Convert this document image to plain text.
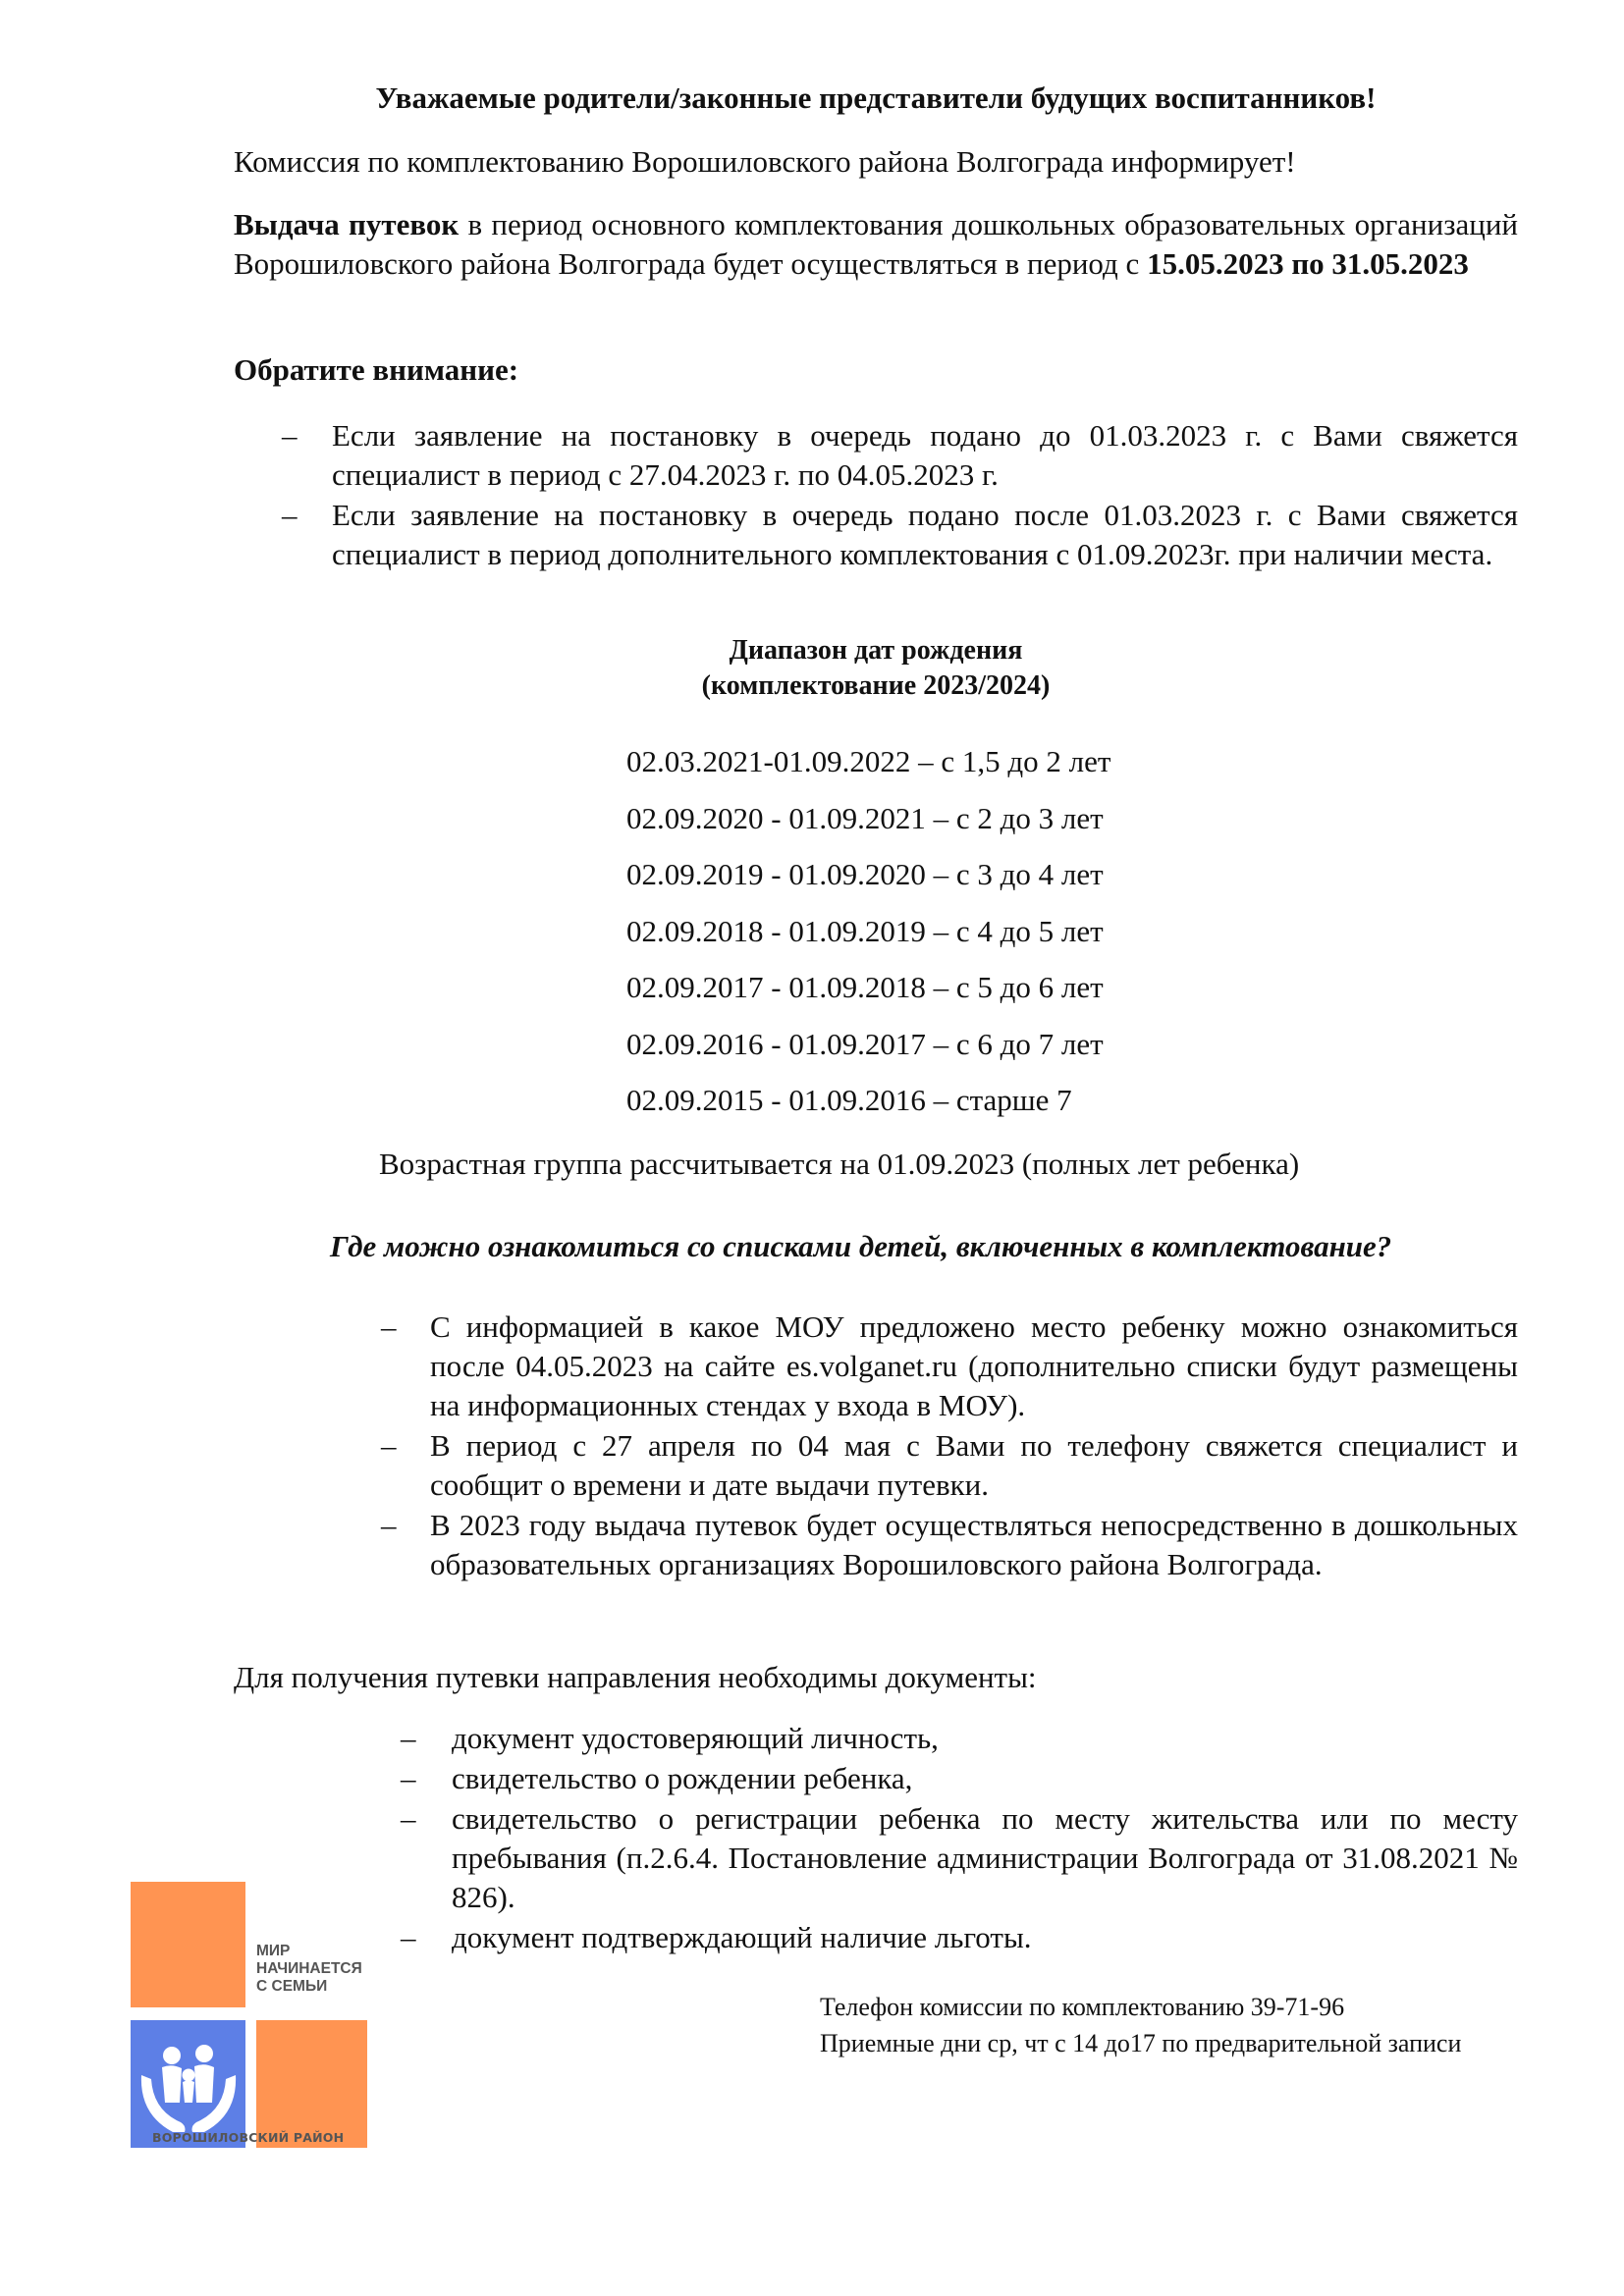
Уважаемые родители/законные представители будущих воспитанников!

Комиссия по комплектованию Ворошиловского района Волгограда информирует!

Выдача путевок в период основного комплектования дошкольных образовательных организаций Ворошиловского района Волгограда будет осуществляться в период с 15.05.2023 по 31.05.2023

Обратите внимание:

– Если заявление на постановку в очередь подано до 01.03.2023 г. с Вами свяжется специалист в период с 27.04.2023 г. по 04.05.2023 г.
– Если заявление на постановку в очередь подано после 01.03.2023 г. с Вами свяжется специалист в период дополнительного комплектования с 01.09.2023г. при наличии места.
Диапазон дат рождения
(комплектование 2023/2024)
02.03.2021-01.09.2022 – с 1,5 до 2 лет
02.09.2020 - 01.09.2021 – с 2 до 3 лет
02.09.2019 - 01.09.2020 – с 3 до 4 лет
02.09.2018 - 01.09.2019 – с 4 до 5 лет
02.09.2017 - 01.09.2018 – с 5 до 6 лет
02.09.2016 - 01.09.2017 – с 6 до 7 лет
02.09.2015 - 01.09.2016 – старше 7

Возрастная группа рассчитывается на 01.09.2023 (полных лет ребенка)

Где можно ознакомиться со списками детей, включенных в комплектование?

– С информацией в какое МОУ предложено место ребенку можно ознакомиться после 04.05.2023 на сайте es.volganet.ru (дополнительно списки будут размещены на информационных стендах у входа в МОУ).
– В период с 27 апреля по 04 мая с Вами по телефону свяжется специалист и сообщит о времени и дате выдачи путевки.
– В 2023 году выдача путевок будет осуществляться непосредственно в дошкольных образовательных организациях Ворошиловского района Волгограда.

Для получения путевки направления необходимы документы:

– документ удостоверяющий личность,
– свидетельство о рождении ребенка,
– свидетельство о регистрации ребенка по месту жительства или по месту пребывания (п.2.6.4. Постановление администрации Волгограда от 31.08.2021 № 826).
– документ подтверждающий наличие льготы.
Телефон комиссии по комплектованию 39-71-96
Приемные дни ср, чт с 14 до17 по предварительной записи
МИР
НАЧИНАЕТСЯ
С СЕМЬИ
ВОРОШИЛОВСКИЙ РАЙОН
